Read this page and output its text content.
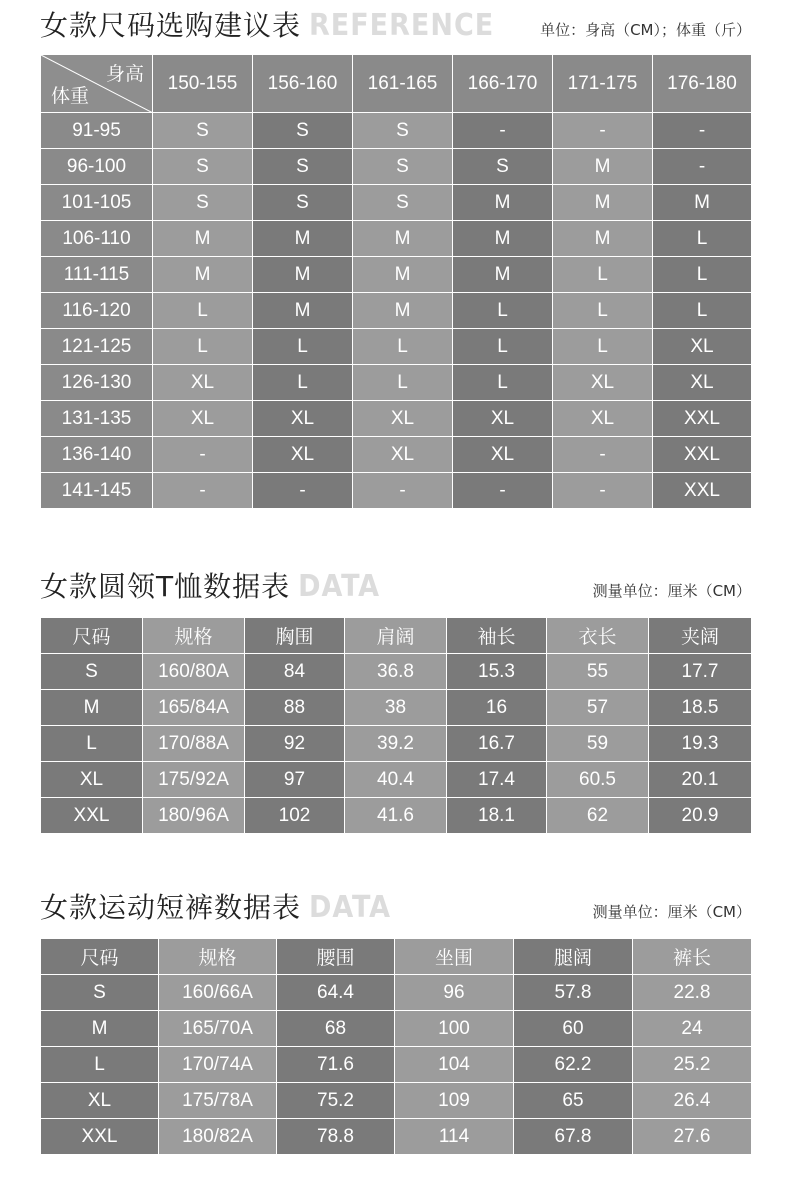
女款尺码选购建议表 REFERENCE	单位：身高（CM）；体重（斤）
身高
体重	150-155	156-160	161-165	166-170	171-175	176-180
91-95	S	S	S	-	-	-
96-100	S	S	S	S	M	-
101-105	S	S	S	M	M	M
106-110	M	M	M	M	M	L
111-115	M	M	M	M	L	L
116-120	L	M	M	L	L	L
121-125	L	L	L	L	L	XL
126-130	XL	L	L	L	XL	XL
131-135	XL	XL	XL	XL	XL	XXL
136-140	-	XL	XL	XL	-	XXL
141-145	-	-	-	-	-	XXL
女款圆领T恤数据表 DATA	测量单位：厘米（CM）
尺码	规格	胸围	肩阔	袖长	衣长	夹阔
S	160/80A	84	36.8	15.3	55	17.7
M	165/84A	88	38	16	57	18.5
L	170/88A	92	39.2	16.7	59	19.3
XL	175/92A	97	40.4	17.4	60.5	20.1
XXL	180/96A	102	41.6	18.1	62	20.9
女款运动短裤数据表 DATA	测量单位：厘米（CM）
尺码	规格	腰围	坐围	腿阔	裤长
S	160/66A	64.4	96	57.8	22.8
M	165/70A	68	100	60	24
L	170/74A	71.6	104	62.2	25.2
XL	175/78A	75.2	109	65	26.4
XXL	180/82A	78.8	114	67.8	27.6
